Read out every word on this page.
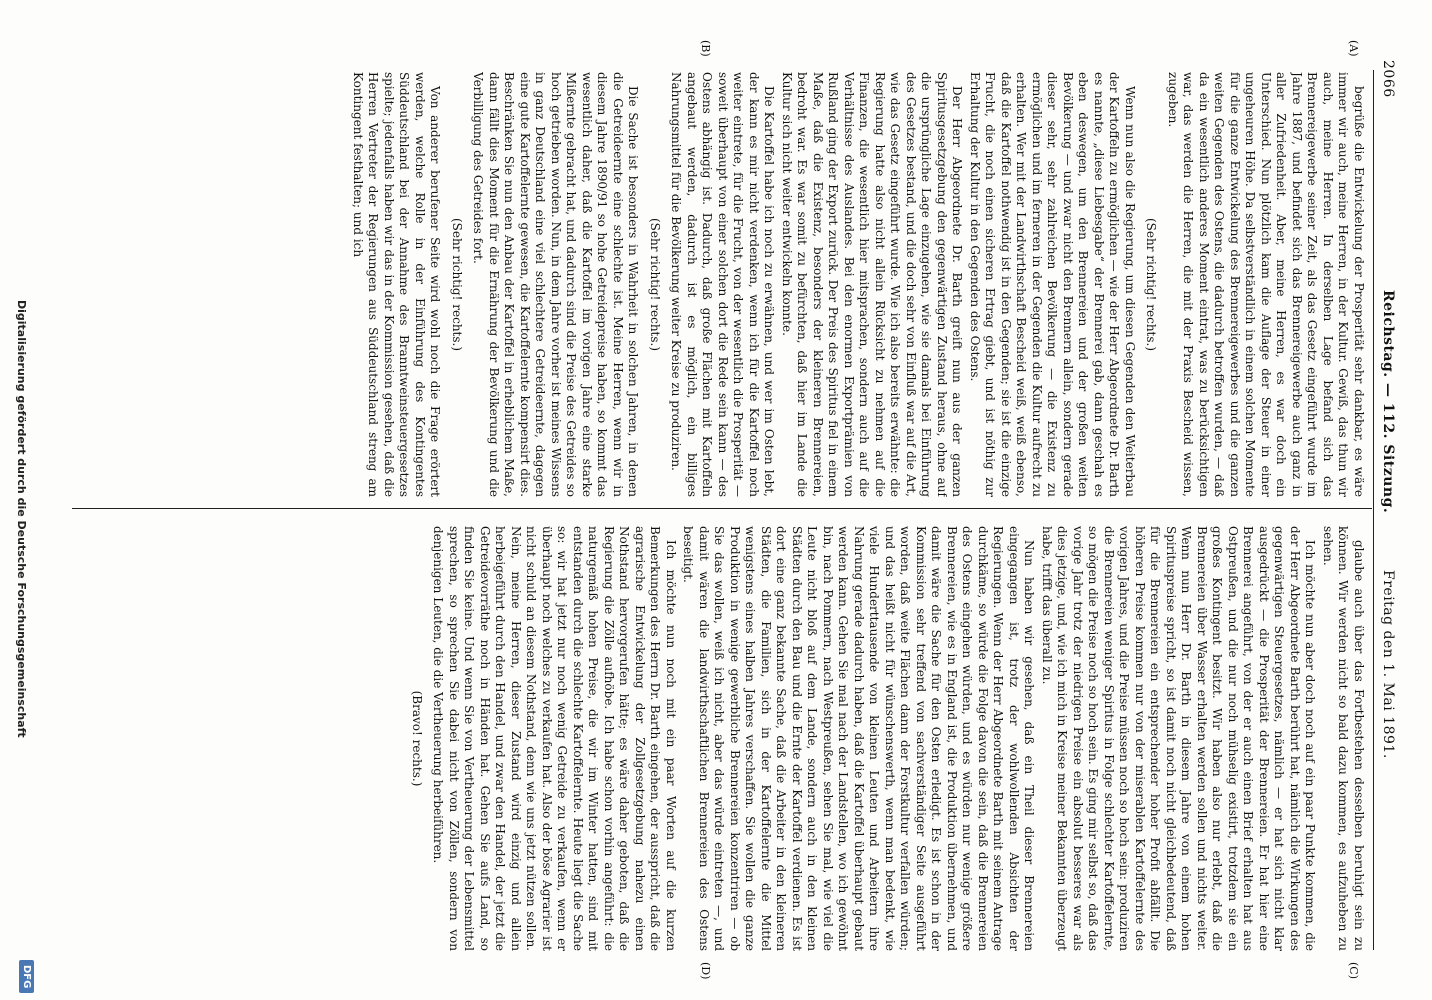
2066
Reichstag. — 112. Sitzung.
Freitag den 1. Mai 1891.
(A)
(B)
(C)
(D)

begrüße die Entwickelung der Prosperität sehr dankbar, es wäre immer wir auch, meine Herren, in der Kultur. Gewiß, das thun wir auch, meine Herren. In derselben Lage befand sich das Brennereigewerbe seiner Zeit, als das Gesetz eingeführt wurde im Jahre 1887, und befindet sich das Brennereigewerbe auch ganz in aller Zufriedenheit. Aber, meine Herren, es war doch ein Unterschied. Nun plötzlich kam die Auflage der Steuer in einer ungeheuren Höhe. Da selbstverständlich in einem solchen Momente für die ganze Entwickelung des Brennereigewerbes und die ganzen weiten Gegenden des Ostens, die dadurch betroffen wurden, — daß da ein wesentlich anderes Moment eintrat, was zu berücksichtigen war, das werden die Herren, die mit der Praxis Bescheid wissen, zugeben.

(Sehr richtig! rechts.)

Wenn nun also die Regierung, um diesen Gegenden den Weiterbau der Kartoffeln zu ermöglichen — wie der Herr Abgeordnete Dr. Barth es nannte, „diese Liebesgabe“ der Brennerei gab, dann geschah es eben deswegen, um den Brennereien und der großen weiten Bevölkerung — und zwar nicht den Brennern allein, sondern gerade dieser sehr, sehr zahlreichen Bevölkerung — die Existenz zu ermöglichen und im ferneren in der Gegenden die Kultur aufrecht zu erhalten. Wer mit der Landwirthschaft Bescheid weiß, weiß ebenso, daß die Kartoffel nothwendig ist in den Gegenden; sie ist die einzige Frucht, die noch einen sicheren Ertrag giebt, und ist nöthig zur Erhaltung der Kultur in den Gegenden des Ostens.

Der Herr Abgeordnete Dr. Barth greift nun aus der ganzen Spiritusgesetzgebung den gegenwärtigen Zustand heraus, ohne auf die ursprüngliche Lage einzugehen, wie sie damals bei Einführung des Gesetzes bestand, und die doch sehr von Einfluß war auf die Art, wie das Gesetz eingeführt wurde. Wie ich also bereits erwähnte: die Regierung hatte also nicht allein Rücksicht zu nehmen auf die Finanzen, die wesentlich hier mitsprachen, sondern auch auf die Verhältnisse des Auslandes. Bei den enormen Exportprämien von Rußland ging der Export zurück. Der Preis des Spiritus fiel in einem Maße, daß die Existenz, besonders der kleineren Brennereien, bedroht war. Es war somit zu befürchten, daß hier im Lande die Kultur sich nicht weiter entwickeln konnte.

Die Kartoffel habe ich noch zu erwähnen, und wer im Osten lebt, der kann es mir nicht verdenken, wenn ich für die Kartoffel noch weiter eintrete, für die Frucht, von der wesentlich die Prosperität — soweit überhaupt von einer solchen dort die Rede sein kann — des Ostens abhängig ist. Dadurch, daß große Flächen mit Kartoffeln angebaut werden, dadurch ist es möglich, ein billiges Nahrungsmittel für die Bevölkerung weiter Kreise zu produziren.

(Sehr richtig! rechts.)

Die Sache ist besonders in Wahrheit in solchen Jahren, in denen die Getreideernte eine schlechte ist. Meine Herren, wenn wir in diesem Jahre 1890/91 so hohe Getreidepreise haben, so kommt das wesentlich daher, daß die Kartoffel im vorigen Jahre eine starke Mißernte gebracht hat, und dadurch sind die Preise des Getreides so hoch getrieben worden. Nun, in dem Jahre vorher ist meines Wissens in ganz Deutschland eine viel schlechtere Getreideernte, dagegen eine gute Kartoffelernte gewesen, die Kartoffelernte kompensirt dies. Beschränken Sie nun den Anbau der Kartoffel in erheblichem Maße, dann fällt dies Moment für die Ernährung der Bevölkerung und die Verbilligung des Getreides fort.

(Sehr richtig! rechts.)

Von anderer berufener Seite wird wohl noch die Frage erörtert werden, welche Rolle in der Einführung des Kontingentes Süddeutschland bei der Annahme des Branntweinsteuergesetzes spielte; jedenfalls haben wir das in der Kommission gesehen, daß die Herren Vertreter der Regierungen aus Süddeutschland streng am Kontingent festhalten; und ich

glaube auch über das Fortbestehen desselben beruhigt sein zu können. Wir werden nicht so bald dazu kommen, es aufzuheben zu sehen.

Ich möchte nun aber doch noch auf ein paar Punkte kommen, die der Herr Abgeordnete Barth berührt hat, nämlich die Wirkungen des gegenwärtigen Steuergesetzes, nämlich — er hat sich nicht klar ausgedrückt — die Prosperität der Brennereien. Er hat hier eine Brennerei angeführt, von der er auch einen Brief erhalten hat aus Ostpreußen, und die nur noch mühselig existirt, trotzdem sie ein großes Kontingent besitzt. Wir haben also nur erlebt, daß die Brennereien über Wasser erhalten werden sollen und nichts weiter. Wenn nun Herr Dr. Barth in diesem Jahre von einem hohen Spirituspreise spricht, so ist damit noch nicht gleichbedeutend, daß für die Brennereien ein entsprechender hoher Profit abfällt. Die höheren Preise kommen nur von der miserablen Kartoffelernte des vorigen Jahres, und die Preise müssen noch so hoch sein: produziren die Brennereien weniger Spiritus in Folge schlechter Kartoffelernte, so mögen die Preise noch so hoch sein. Es ging mir selbst so, daß das vorige Jahr trotz der niedrigen Preise ein absolut besseres war als dies jetzige, und, wie ich mich in Kreise meiner Bekannten überzeugt habe, trifft das überall zu.

Nun haben wir gesehen, daß ein Theil dieser Brennereien eingegangen ist, trotz der wohlwollenden Absichten der Regierungen. Wenn der Herr Abgeordnete Barth mit seinem Antrage durchkäme, so würde die Folge davon die sein, daß die Brennereien des Ostens eingehen würden, und es würden nur wenige größere Brennereien, wie es in England ist, die Produktion übernehmen, und damit wäre die Sache für den Osten erledigt. Es ist schon in der Kommission sehr treffend von sachverständiger Seite ausgeführt worden, daß weite Flächen dann der Forstkultur verfallen würden; und das heißt nicht für wünschenswerth, wenn man bedenkt, wie viele Hunderttausende von kleinen Leuten und Arbeitern ihre Nahrung gerade dadurch haben, daß die Kartoffel überhaupt gebaut werden kann. Gehen Sie mal nach der Landstellen, wo ich gewöhnt bin, nach Pommern, nach Westpreußen, sehen Sie mal, wie viel die Leute nicht bloß auf dem Lande, sondern auch in den kleinen Städten durch den Bau und die Ernte der Kartoffel verdienen. Es ist dort eine ganz bekannte Sache, daß die Arbeiter in den kleineren Städten, die Familien, sich in der Kartoffelernte die Mittel wenigstens eines halben Jahres verschaffen. Sie wollen die ganze Produktion in wenige gewerbliche Brennereien konzentriren — ob Sie das wollen, weiß ich nicht, aber das würde eintreten —, und damit wären die landwirthschaftlichen Brennereien des Ostens beseitigt.

Ich möchte nun noch mit ein paar Worten auf die kurzen Bemerkungen des Herrn Dr. Barth eingehen, der ausspricht, daß die agrarische Entwickelung der Zollgesetzgebung nahezu einen Nothstand hervorgerufen hätte; es wäre daher geboten, daß die Regierung die Zölle aufhöbe. Ich habe schon vorhin angeführt: die naturgemäß hohen Preise, die wir im Winter hatten, sind mit entstanden durch die schlechte Kartoffelernte. Heute liegt die Sache so: wir hat jetzt nur noch wenig Getreide zu verkaufen, wenn er überhaupt noch welches zu verkaufen hat. Also der böse Agrarier ist nicht schuld an diesem Nothstand, denn wie uns jetzt nützen sollen. Nein, meine Herren, dieser Zustand wird einzig und allein herbeigeführt durch den Handel, und zwar den Handel, der jetzt die Getreidevorräthe noch in Händen hat. Gehen Sie aufs Land, so finden Sie keine. Und wenn Sie von Vertheuerung der Lebensmittel sprechen, so sprechen Sie dabei nicht von Zöllen, sondern von denjenigen Leuten, die die Vertheuerung herbeiführen.

(Bravo! rechts.)

Digitalisierung gefördert durch die Deutsche Forschungsgemeinschaft
DFG
